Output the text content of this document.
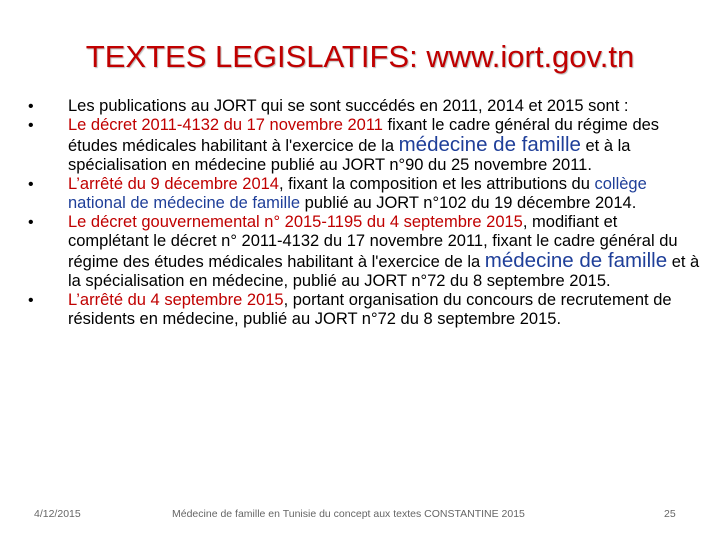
TEXTES LEGISLATIFS: www.iort.gov.tn
• Les publications au JORT qui se sont succédés en 2011, 2014 et 2015 sont :
• Le décret 2011-4132 du 17 novembre 2011 fixant le cadre général du régime des études médicales habilitant à l'exercice de la médecine de famille et à la spécialisation en médecine publié au JORT n°90 du 25 novembre 2011.
• L’arrêté du 9 décembre 2014, fixant la composition et les attributions du collège national de médecine de famille publié au JORT n°102 du 19 décembre 2014.
• Le décret gouvernemental n° 2015-1195 du 4 septembre 2015, modifiant et complétant le décret n° 2011-4132 du 17 novembre 2011, fixant le cadre général du régime des études médicales habilitant à l'exercice de la médecine de famille et à la spécialisation en médecine, publié au JORT n°72 du 8 septembre 2015.
• L’arrêté du 4 septembre 2015, portant organisation du concours de recrutement de résidents en médecine, publié au JORT n°72 du 8 septembre 2015.
4/12/2015	Médecine de famille en Tunisie du concept aux textes CONSTANTINE 2015	25
